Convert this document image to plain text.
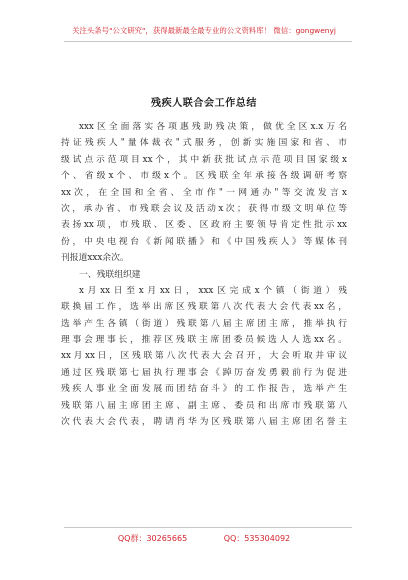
关注头条号"公文研究"，获得最新最全最专业的公文资料库！ 微信：gongwenyj
残疾人联合会工作总结
xxx区全面落实各项惠残助残决策，做优全区x.x万名
持证残疾人"量体裁衣"式服务，创新实施国家和省、市
级试点示范项目xx个，其中新获批试点示范项目国家级x
个、省级x个、市级x个。区残联全年承接各级调研考察
xx次，在全国和全省、全市作"一网通办"等交流发言x
次，承办省、市残联会议及活动x次；获得市级文明单位等
表扬xx项，市残联、区委、区政府主要领导肯定性批示xx
份，中央电视台《新闻联播》和《中国残疾人》等媒体刊
刊报道xxx余次。
一、残联组织建
x月xx日至x月xx日，xxx区完成x个镇（街道）残
联换届工作，选举出席区残联第八次代表大会代表xx名，
选举产生各镇（街道）残联第八届主席团主席，推举执行
理事会理事长，推荐区残联主席团委员候选人人选xx名。
xx月xx日，区残联第八次代表大会召开，大会听取并审议
通过区残联第七届执行理事会《踔厉奋发勇毅前行为促进
残疾人事业全面发展而团结奋斗》的工作报告，选举产生
残联第八届主席团主席、副主席、委员和出席市残联第八
次代表大会代表，聘请肖华为区残联第八届主席团名誉主
QQ群：30265665	QQ：535304092
